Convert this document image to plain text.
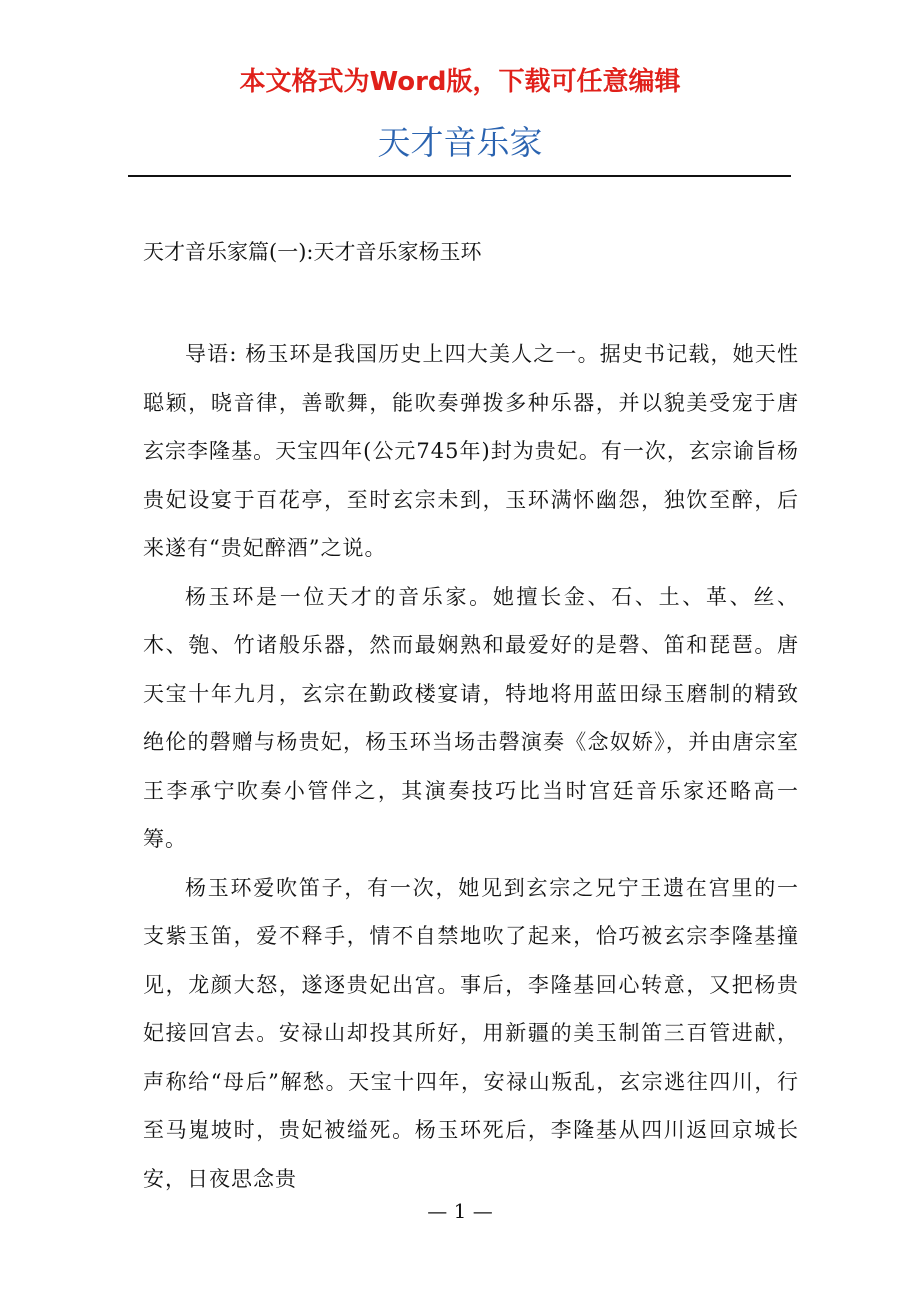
本文格式为Word版，下载可任意编辑
天才音乐家
天才音乐家篇(一):天才音乐家杨玉环

导语: 杨玉环是我国历史上四大美人之一。据史书记载，她天性聪颖，晓音律，善歌舞，能吹奏弹拨多种乐器，并以貌美受宠于唐玄宗李隆基。天宝四年(公元745年)封为贵妃。有一次，玄宗谕旨杨贵妃设宴于百花亭，至时玄宗未到，玉环满怀幽怨，独饮至醉，后来遂有“贵妃醉酒”之说。

杨玉环是一位天才的音乐家。她擅长金、石、土、革、丝、木、匏、竹诸般乐器，然而最娴熟和最爱好的是磬、笛和琵琶。唐天宝十年九月，玄宗在勤政楼宴请，特地将用蓝田绿玉磨制的精致绝伦的磬赠与杨贵妃，杨玉环当场击磬演奏《念奴娇》，并由唐宗室王李承宁吹奏小管伴之，其演奏技巧比当时宫廷音乐家还略高一筹。

杨玉环爱吹笛子，有一次，她见到玄宗之兄宁王遗在宫里的一支紫玉笛，爱不释手，情不自禁地吹了起来，恰巧被玄宗李隆基撞见，龙颜大怒，遂逐贵妃出宫。事后，李隆基回心转意，又把杨贵妃接回宫去。安禄山却投其所好，用新疆的美玉制笛三百管进献，声称给“母后”解愁。天宝十四年，安禄山叛乱，玄宗逃往四川，行至马嵬坡时，贵妃被缢死。杨玉环死后，李隆基从四川返回京城长安，日夜思念贵

— 1 —
